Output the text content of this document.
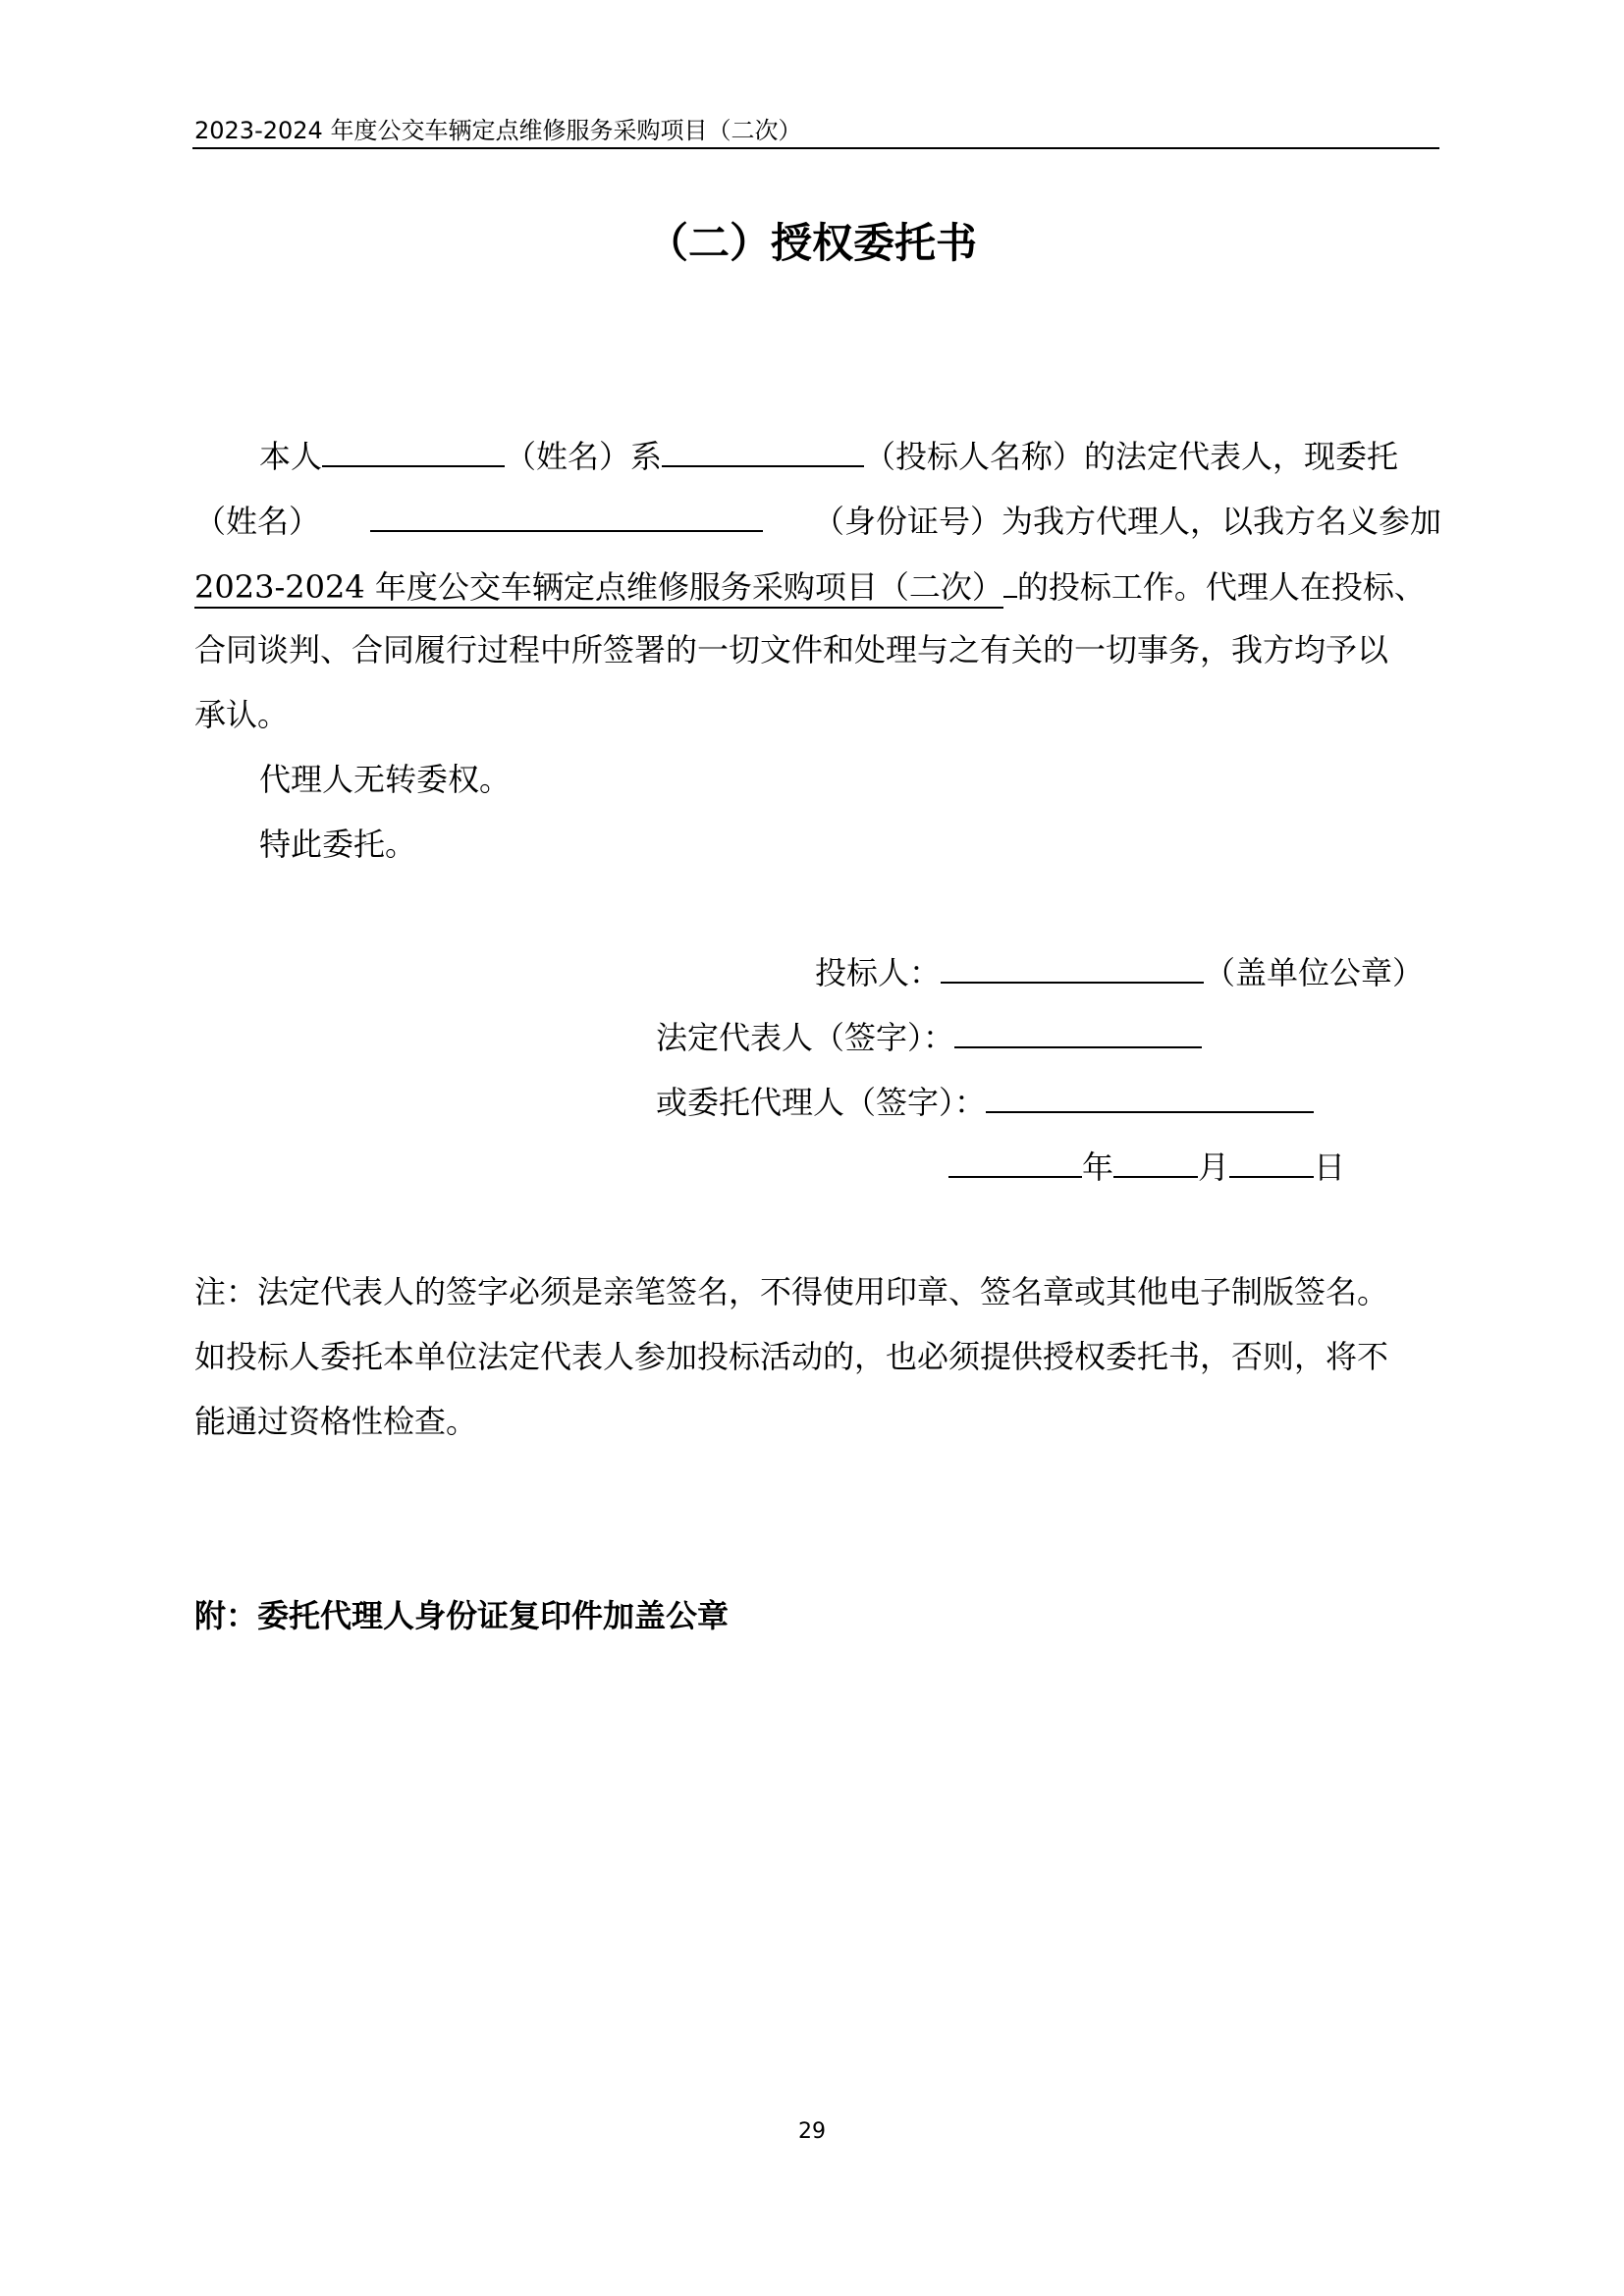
2023-2024 年度公交车辆定点维修服务采购项目（二次）
（二）授权委托书
本人	（姓名）系	（投标人名称）的法定代表人，现委托
（姓名）	（身份证号）为我方代理人，以我方名义参加
2023-2024 年度公交车辆定点维修服务采购项目（二次） 的投标工作。代理人在投标、
合同谈判、合同履行过程中所签署的一切文件和处理与之有关的一切事务，我方均予以
承认。
代理人无转委权。
特此委托。
投标人：	（盖单位公章）
法定代表人（签字）：
或委托代理人（签字）：
年	月	日
注：法定代表人的签字必须是亲笔签名，不得使用印章、签名章或其他电子制版签名。
如投标人委托本单位法定代表人参加投标活动的，也必须提供授权委托书，否则，将不
能通过资格性检查。
附：委托代理人身份证复印件加盖公章
29
